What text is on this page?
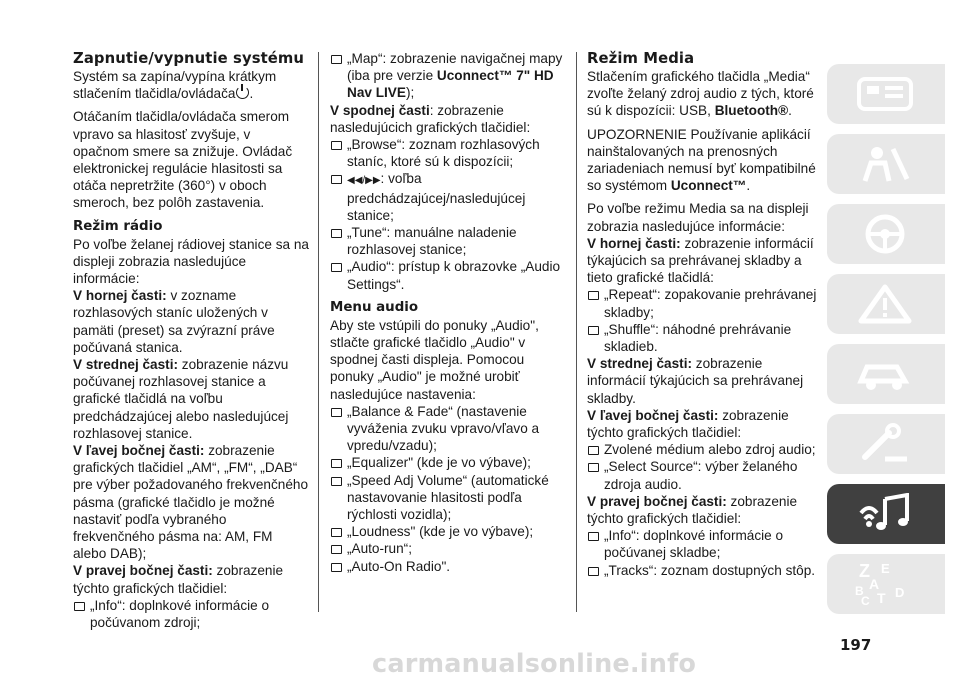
Zapnutie/vypnutie systému

Systém sa zapína/vypína krátkym stlačením tlačidla/ovládača .

Otáčaním tlačidla/ovládača smerom vpravo sa hlasitosť zvyšuje, v opačnom smere sa znižuje. Ovládač elektronickej regulácie hlasitosti sa otáča nepretržite (360°) v oboch smeroch, bez polôh zastavenia.

Režim rádio

Po voľbe želanej rádiovej stanice sa na displeji zobrazia nasledujúce informácie:

V hornej časti: v zozname rozhlasových staníc uložených v pamäti (preset) sa zvýrazní práve počúvaná stanica.

V strednej časti: zobrazenie názvu počúvanej rozhlasovej stanice a grafické tlačidlá na voľbu predchádzajúcej alebo nasledujúcej rozhlasovej stanice.

V ľavej bočnej časti: zobrazenie grafických tlačidiel „AM“, „FM“, „DAB“ pre výber požadovaného frekvenčného pásma (grafické tlačidlo je možné nastaviť podľa vybraného frekvenčného pásma na: AM, FM alebo DAB);

V pravej bočnej časti: zobrazenie týchto grafických tlačidiel:

„Info“: doplnkové informácie o počúvanom zdroji;
„Map“: zobrazenie navigačnej mapy (iba pre verzie Uconnect™ 7" HD Nav LIVE);

V spodnej časti: zobrazenie nasledujúcich grafických tlačidiel:

„Browse“: zoznam rozhlasových staníc, ktoré sú k dispozícii;
◀◀/▶▶: voľba predchádzajúcej/nasledujúcej stanice;
„Tune“: manuálne naladenie rozhlasovej stanice;
„Audio“: prístup k obrazovke „Audio Settings“.
Menu audio

Aby ste vstúpili do ponuky „Audio", stlačte grafické tlačidlo „Audio" v spodnej časti displeja. Pomocou ponuky „Audio" je možné urobiť nasledujúce nastavenia:

„Balance & Fade“ (nastavenie vyváženia zvuku vpravo/vľavo a vpredu/vzadu);
„Equalizer" (kde je vo výbave);
„Speed Adj Volume“ (automatické nastavovanie hlasitosti podľa rýchlosti vozidla);
„Loudness" (kde je vo výbave);
„Auto-run“;
„Auto-On Radio".
Režim Media

Stlačením grafického tlačidla „Media“ zvoľte želaný zdroj audio z tých, ktoré sú k dispozícii: USB, Bluetooth®.

UPOZORNENIE Používanie aplikácií nainštalovaných na prenosných zariadeniach nemusí byť kompatibilné so systémom Uconnect™.

Po voľbe režimu Media sa na displeji zobrazia nasledujúce informácie:

V hornej časti: zobrazenie informácií týkajúcich sa prehrávanej skladby a tieto grafické tlačidlá:

„Repeat“: zopakovanie prehrávanej skladby;
„Shuffle“: náhodné prehrávanie skladieb.

V strednej časti: zobrazenie informácií týkajúcich sa prehrávanej skladby.

V ľavej bočnej časti: zobrazenie týchto grafických tlačidiel:

Zvolené médium alebo zdroj audio;
„Select Source“: výber želaného zdroja audio.

V pravej bočnej časti: zobrazenie týchto grafických tlačidiel:

„Info“: doplnkové informácie o počúvanej skladbe;
„Tracks“: zoznam dostupných stôp.	Z E
B A
C T D
197
carmanualsonline.info
